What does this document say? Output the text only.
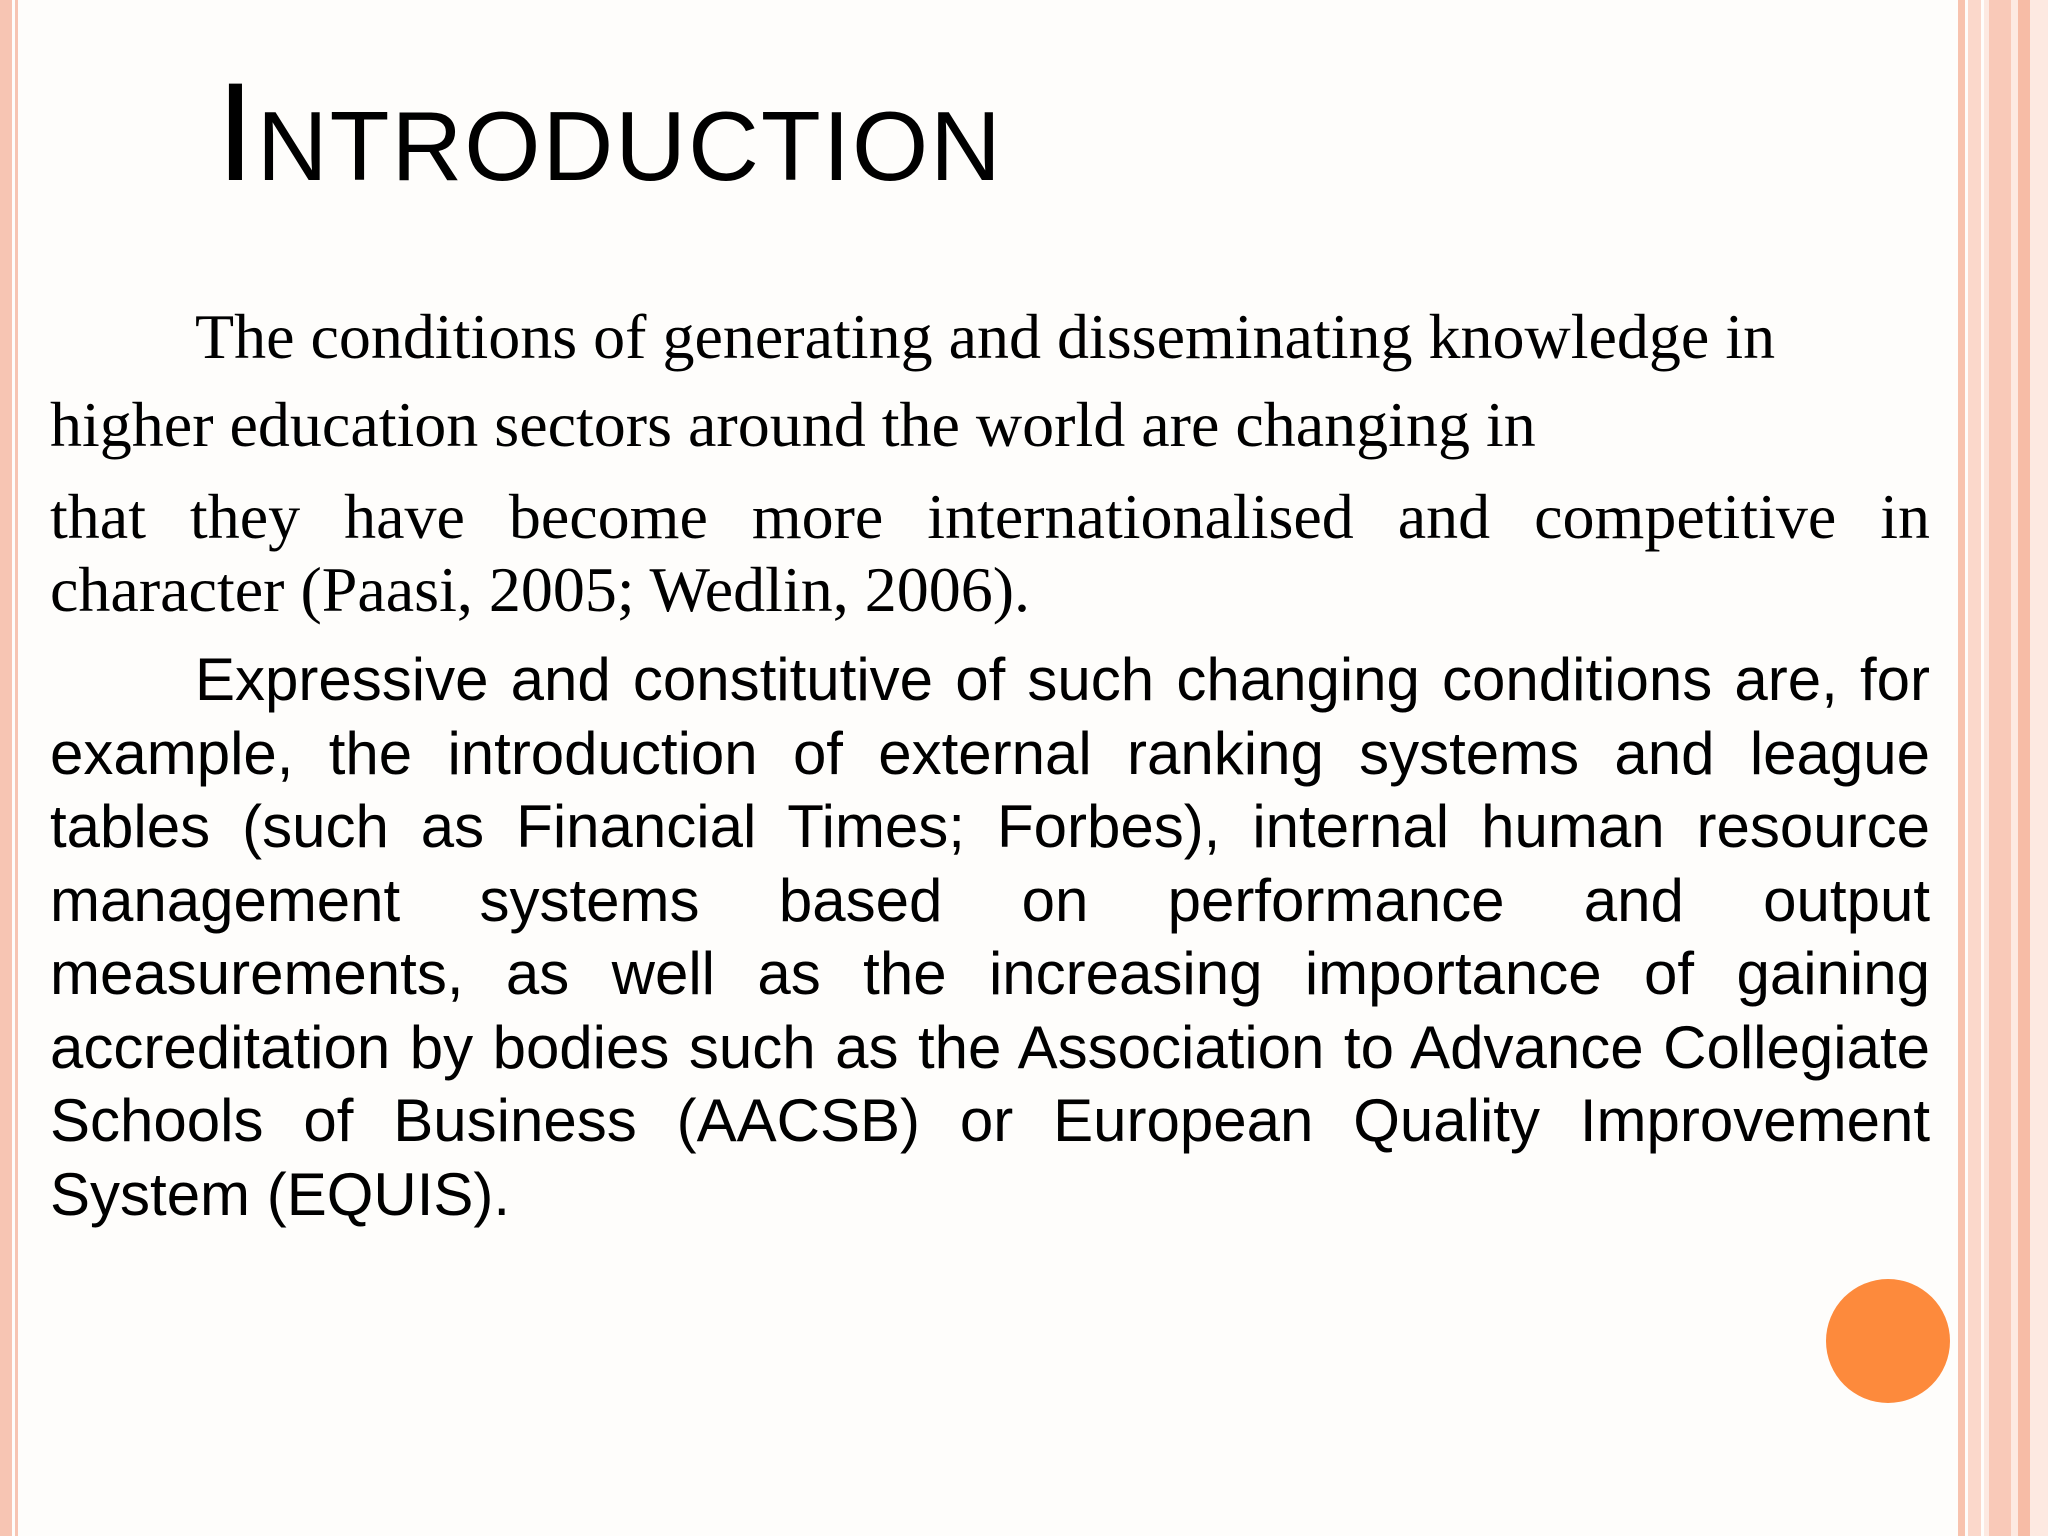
Introduction

The conditions of generating and disseminating knowledge in

higher education sectors around the world are changing in

that they have become more internationalised and competitive in character (Paasi, 2005; Wedlin, 2006).

Expressive and constitutive of such changing conditions are, for example, the introduction of external ranking systems and league tables (such as Financial Times; Forbes), internal human resource management systems based on performance and output measurements, as well as the increasing importance of gaining accreditation by bodies such as the Association to Advance Collegiate Schools of Business (AACSB) or European Quality Improvement System (EQUIS).
